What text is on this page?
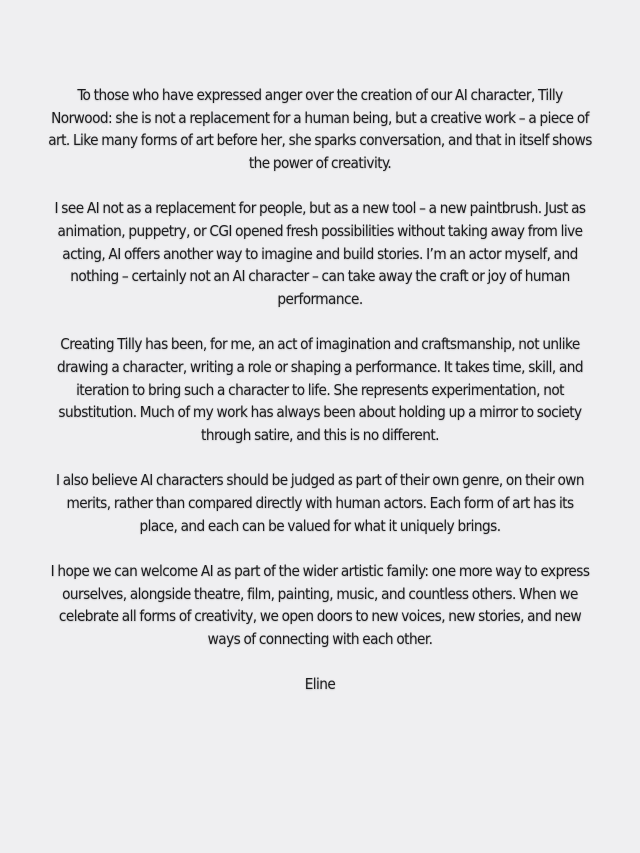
To those who have expressed anger over the creation of our AI character, Tilly
Norwood: she is not a replacement for a human being, but a creative work – a piece of
art. Like many forms of art before her, she sparks conversation, and that in itself shows
the power of creativity.

I see AI not as a replacement for people, but as a new tool – a new paintbrush. Just as
animation, puppetry, or CGI opened fresh possibilities without taking away from live
acting, AI offers another way to imagine and build stories. I’m an actor myself, and
nothing – certainly not an AI character – can take away the craft or joy of human
performance.

Creating Tilly has been, for me, an act of imagination and craftsmanship, not unlike
drawing a character, writing a role or shaping a performance. It takes time, skill, and
iteration to bring such a character to life. She represents experimentation, not
substitution. Much of my work has always been about holding up a mirror to society
through satire, and this is no different.

I also believe AI characters should be judged as part of their own genre, on their own
merits, rather than compared directly with human actors. Each form of art has its
place, and each can be valued for what it uniquely brings.

I hope we can welcome AI as part of the wider artistic family: one more way to express
ourselves, alongside theatre, film, painting, music, and countless others. When we
celebrate all forms of creativity, we open doors to new voices, new stories, and new
ways of connecting with each other.

Eline
